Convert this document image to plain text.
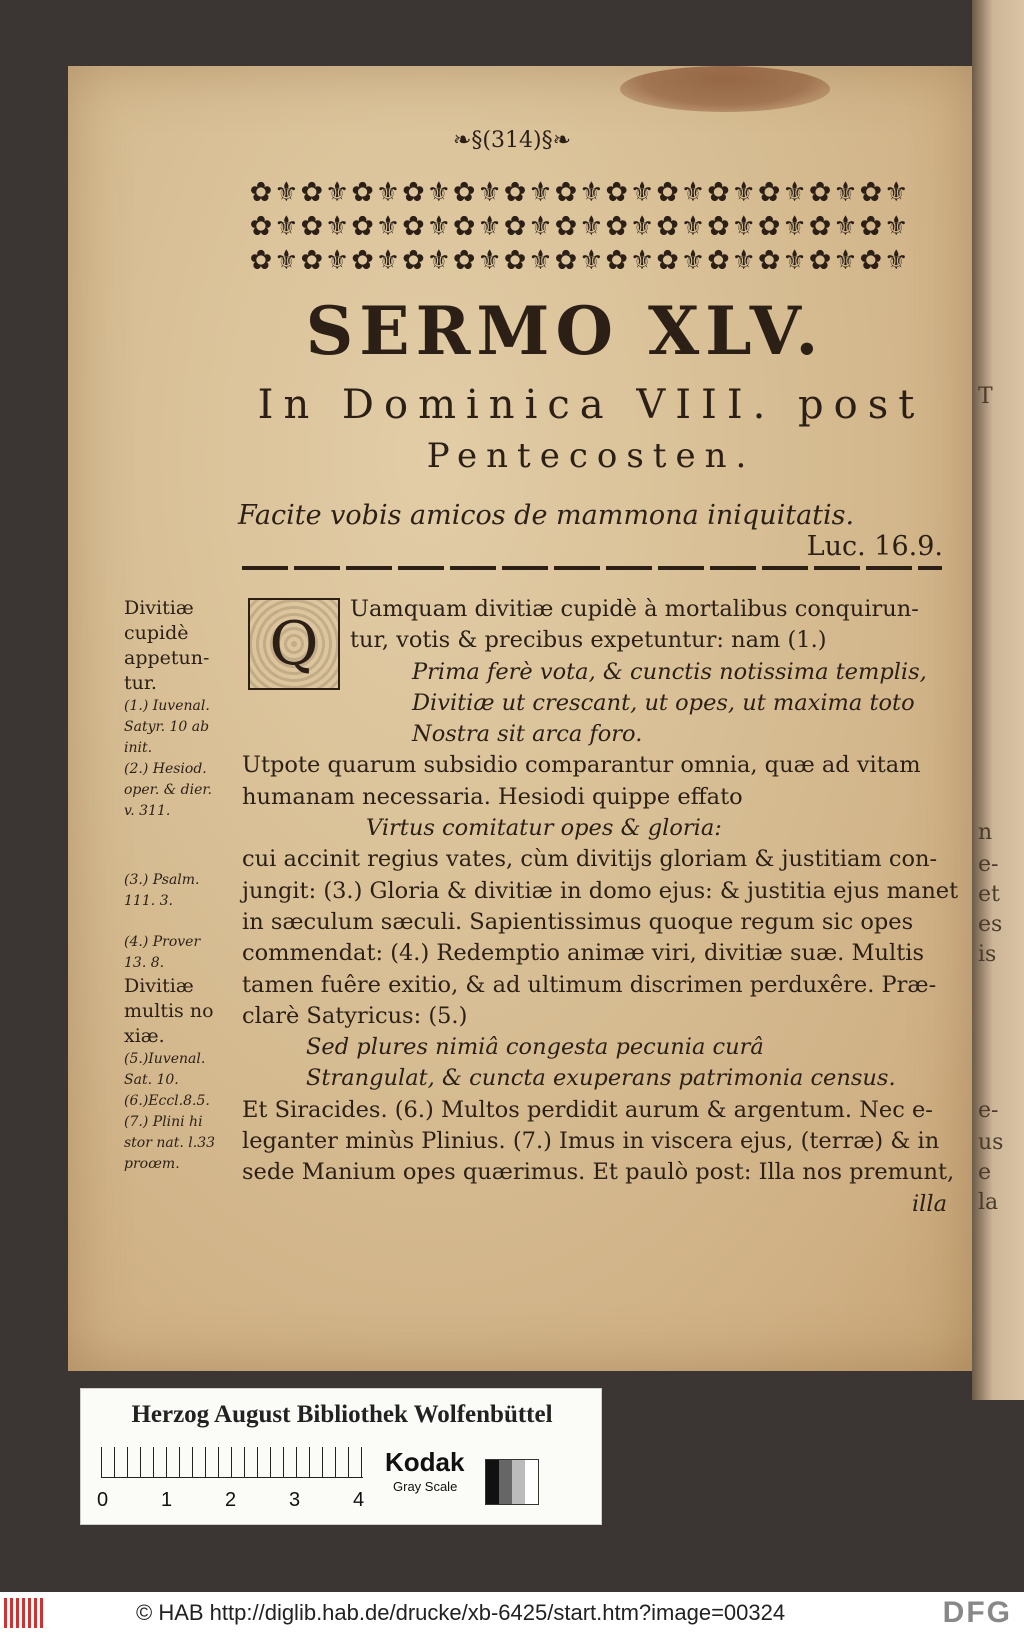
T
n
e-
et
es
is
e-
us
e
la
❧§(314)§❧
✿⚜✿⚜✿⚜✿⚜✿⚜✿⚜✿⚜✿⚜✿⚜✿⚜✿⚜✿⚜✿⚜
✿⚜✿⚜✿⚜✿⚜✿⚜✿⚜✿⚜✿⚜✿⚜✿⚜✿⚜✿⚜✿⚜
✿⚜✿⚜✿⚜✿⚜✿⚜✿⚜✿⚜✿⚜✿⚜✿⚜✿⚜✿⚜✿⚜
SERMO XLV.
In Dominica VIII. post
Pentecosten.
Facite vobis amicos de mammona iniquitatis.
Luc. 16.9.
Divitiæ
cupidè
appetun-
tur.
(1.) Iuvenal.
Satyr. 10 ab
init.
(2.) Hesiod.
oper. & dier.
v. 311.
(3.) Psalm.
111. 3.
(4.) Prover
13. 8.
Divitiæ
multis no
xiæ.
(5.)Iuvenal.
Sat. 10.
(6.)Eccl.8.5.
(7.) Plini hi
stor nat. l.33
proœm.
Q	Uamquam divitiæ cupidè à mortalibus conquirun-
tur, votis & precibus expetuntur: nam (1.)
Prima ferè vota, & cunctis notissima templis,
Divitiæ ut crescant, ut opes, ut maxima toto
Nostra sit arca foro.
Utpote quarum subsidio comparantur omnia, quæ ad vitam
humanam necessaria. Hesiodi quippe effato
Virtus comitatur opes & gloria:
cui accinit regius vates, cùm divitijs gloriam & justitiam con-
jungit: (3.) Gloria & divitiæ in domo ejus: & justitia ejus manet
in sæculum sæculi. Sapientissimus quoque regum sic opes
commendat: (4.) Redemptio animæ viri, divitiæ suæ. Multis
tamen fuêre exitio, & ad ultimum discrimen perduxêre. Præ-
clarè Satyricus: (5.)
Sed plures nimiâ congesta pecunia curâ
Strangulat, & cuncta exuperans patrimonia census.
Et Siracides. (6.) Multos perdidit aurum & argentum. Nec e-
leganter minùs Plinius. (7.) Imus in viscera ejus, (terræ) & in
sede Manium opes quærimus. Et paulò post: Illa nos premunt,
illa
Herzog August Bibliothek Wolfenbüttel
0	1	2	3	4
Kodak
Gray Scale
© HAB http://diglib.hab.de/drucke/xb-6425/start.htm?image=00324	DFG
